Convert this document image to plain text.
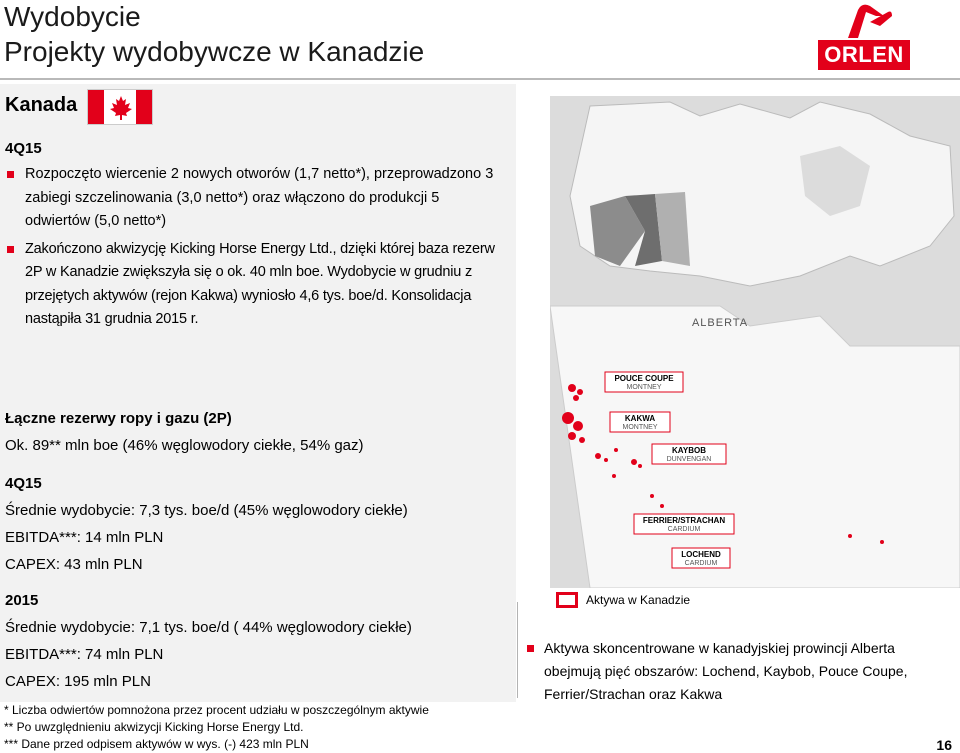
Wydobycie
Projekty wydobywcze w Kanadzie	ORLEN
Kanada
4Q15
Rozpoczęto wiercenie 2 nowych otworów (1,7 netto*), przeprowadzono 3 zabiegi szczelinowania (3,0 netto*) oraz włączono do produkcji 5 odwiertów (5,0 netto*)
Zakończono akwizycję Kicking Horse Energy Ltd., dzięki której baza rezerw 2P w Kanadzie zwiększyła się o ok. 40 mln boe. Wydobycie w grudniu z przejętych aktywów (rejon Kakwa) wyniosło 4,6 tys. boe/d. Konsolidacja nastąpiła 31 grudnia 2015 r.
Łączne rezerwy ropy i gazu (2P)
Ok. 89** mln boe (46% węglowodory ciekłe, 54% gaz)
4Q15
Średnie wydobycie: 7,3 tys. boe/d (45% węglowodory ciekłe)
EBITDA***: 14 mln PLN
CAPEX: 43 mln PLN
2015
Średnie wydobycie: 7,1 tys. boe/d ( 44% węglowodory ciekłe)
EBITDA***: 74 mln PLN
CAPEX: 195 mln PLN
* Liczba odwiertów pomnożona przez procent udziału w poszczególnym aktywie
** Po uwzględnieniu akwizycji Kicking Horse Energy Ltd.
*** Dane przed odpisem aktywów w wys. (-) 423 mln PLN
POUCE COUPE
MONTNEY
KAKWA
MONTNEY
KAYBOB
DUNVENGAN
FERRIER/STRACHAN
CARDIUM
LOCHEND
CARDIUM
ALBERTA
Aktywa w Kanadzie
Aktywa skoncentrowane w kanadyjskiej prowincji Alberta obejmują pięć obszarów: Lochend, Kaybob, Pouce Coupe, Ferrier/Strachan oraz Kakwa
16
